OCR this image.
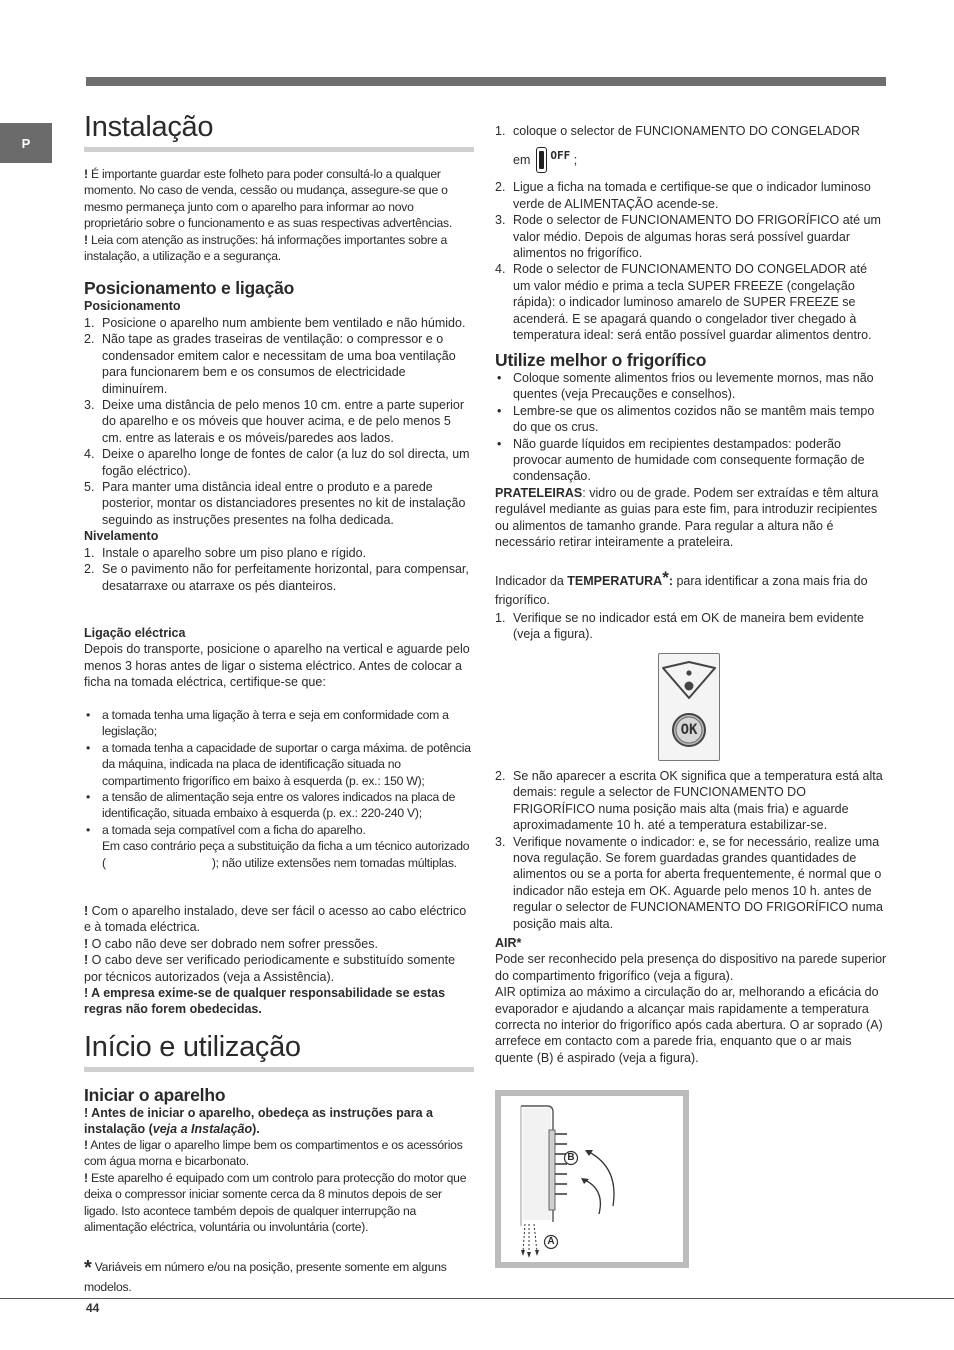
P Instalação

! É importante guardar este folheto para poder consultá-lo a qualquer momento. No caso de venda, cessão ou mudança, assegure-se que o mesmo permaneça junto com o aparelho para informar ao novo proprietário sobre o funcionamento e as suas respectivas advertências.

! Leia com atenção as instruções: há informações importantes sobre a instalação, a utilização e a segurança.

Posicionamento e ligação

Posicionamento

1. Posicione o aparelho num ambiente bem ventilado e não húmido.
2. Não tape as grades traseiras de ventilação: o compressor e o condensador emitem calor e necessitam de uma boa ventilação para funcionarem bem e os consumos de electricidade diminuírem.
3. Deixe uma distância de pelo menos 10 cm. entre a parte superior do aparelho e os móveis que houver acima, e de pelo menos 5 cm. entre as laterais e os móveis/paredes aos lados.
4. Deixe o aparelho longe de fontes de calor (a luz do sol directa, um fogão eléctrico).
5. Para manter uma distância ideal entre o produto e a parede posterior, montar os distanciadores presentes no kit de instalação seguindo as instruções presentes na folha dedicada.

Nivelamento

1. Instale o aparelho sobre um piso plano e rígido.
2. Se o pavimento não for perfeitamente horizontal, para compensar, desatarraxe ou atarraxe os pés dianteiros.

Ligação eléctrica

Depois do transporte, posicione o aparelho na vertical e aguarde pelo menos 3 horas antes de ligar o sistema eléctrico. Antes de colocar a ficha na tomada eléctrica, certifique-se que:

• a tomada tenha uma ligação à terra e seja em conformidade com a legislação;
• a tomada tenha a capacidade de suportar o carga máxima. de potência da máquina, indicada na placa de identificação situada no compartimento frigorífico em baixo à esquerda (p. ex.: 150 W);
• a tensão de alimentação seja entre os valores indicados na placa de identificação, situada embaixo à esquerda (p. ex.: 220-240 V);
• a tomada seja compatível com a ficha do aparelho.

Em caso contrário peça a substituição da ficha a um técnico autorizado (	); não utilize extensões nem tomadas múltiplas.

! Com o aparelho instalado, deve ser fácil o acesso ao cabo eléctrico e à tomada eléctrica.

! O cabo não deve ser dobrado nem sofrer pressões.

! O cabo deve ser verificado periodicamente e substituído somente por técnicos autorizados (veja a Assistência).

! A empresa exime-se de qualquer responsabilidade se estas regras não forem obedecidas.

Início e utilização
Iniciar o aparelho

! Antes de iniciar o aparelho, obedeça as instruções para a instalação (veja a Instalação).

! Antes de ligar o aparelho limpe bem os compartimentos e os acessórios com água morna e bicarbonato.

! Este aparelho é equipado com um controlo para protecção do motor que deixa o compressor iniciar somente cerca da 8 minutos depois de ser ligado. Isto acontece também depois de qualquer interrupção na alimentação eléctrica, voluntária ou involuntária (corte).

* Variáveis em número e/ou na posição, presente somente em alguns modelos.

1. coloque o selector de FUNCIONAMENTO DO CONGELADOR
em OFF ;
2. Ligue a ficha na tomada e certifique-se que o indicador luminoso verde de ALIMENTAÇÃO acende-se.
3. Rode o selector de FUNCIONAMENTO DO FRIGORÍFICO até um valor médio. Depois de algumas horas será possível guardar alimentos no frigorífico.
4. Rode o selector de FUNCIONAMENTO DO CONGELADOR até um valor médio e prima a tecla SUPER FREEZE (congelação rápida): o indicador luminoso amarelo de SUPER FREEZE se acenderá. E se apagará quando o congelador tiver chegado à temperatura ideal: será então possível guardar alimentos dentro.
Utilize melhor o frigorífico
• Coloque somente alimentos frios ou levemente mornos, mas não quentes (veja Precauções e conselhos).
• Lembre-se que os alimentos cozidos não se mantêm mais tempo do que os crus.
• Não guarde líquidos em recipientes destampados: poderão provocar aumento de humidade com consequente formação de condensação.

PRATELEIRAS: vidro ou de grade. Podem ser extraídas e têm altura regulável mediante as guias para este fim, para introduzir recipientes ou alimentos de tamanho grande. Para regular a altura não é necessário retirar inteiramente a prateleira.

Indicador da TEMPERATURA*: para identificar a zona mais fria do frigorífico.

1. Verifique se no indicador está em OK de maneira bem evidente (veja a figura).
2. Se não aparecer a escrita OK significa que a temperatura está alta demais: regule a selector de FUNCIONAMENTO DO FRIGORÍFICO numa posição mais alta (mais fria) e aguarde aproximadamente 10 h. até a temperatura estabilizar-se.
3. Verifique novamente o indicador: e, se for necessário, realize uma nova regulação. Se forem guardadas grandes quantidades de alimentos ou se a porta for aberta frequentemente, é normal que o indicador não esteja em OK. Aguarde pelo menos 10 h. antes de regular o selector de FUNCIONAMENTO DO FRIGORÍFICO numa posição mais alta.

AIR*

Pode ser reconhecido pela presença do dispositivo na parede superior do compartimento frigorífico (veja a figura).

AIR optimiza ao máximo a circulação do ar, melhorando a eficácia do evaporador e ajudando a alcançar mais rapidamente a temperatura correcta no interior do frigorífico após cada abertura. O ar soprado (A) arrefece em contacto com a parede fria, enquanto que o ar mais quente (B) é aspirado (veja a figura).

OK
B
A
44
